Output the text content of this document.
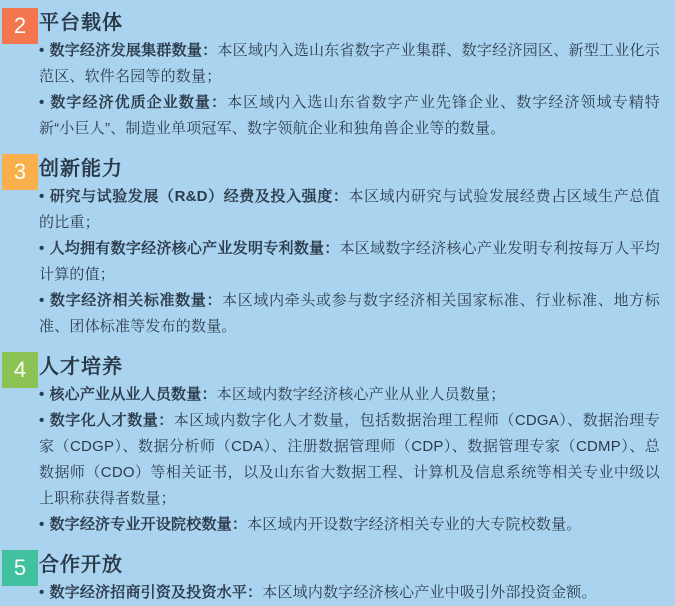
2 平台载体

• 数字经济发展集群数量：本区域内入选山东省数字产业集群、数字经济园区、新型工业化示范区、软件名园等的数量；

• 数字经济优质企业数量：本区域内入选山东省数字产业先锋企业、数字经济领域专精特新“小巨人”、制造业单项冠军、数字领航企业和独角兽企业等的数量。

3 创新能力

• 研究与试验发展（R&D）经费及投入强度：本区域内研究与试验发展经费占区域生产总值的比重；

• 人均拥有数字经济核心产业发明专利数量：本区域数字经济核心产业发明专利按每万人平均计算的值；

• 数字经济相关标准数量：本区域内牵头或参与数字经济相关国家标准、行业标准、地方标准、团体标准等发布的数量。

4 人才培养

• 核心产业从业人员数量：本区域内数字经济核心产业从业人员数量；

• 数字化人才数量：本区域内数字化人才数量，包括数据治理工程师（CDGA）、数据治理专家（CDGP）、数据分析师（CDA）、注册数据管理师（CDP）、数据管理专家（CDMP）、总数据师（CDO）等相关证书，以及山东省大数据工程、计算机及信息系统等相关专业中级以上职称获得者数量；

• 数字经济专业开设院校数量：本区域内开设数字经济相关专业的大专院校数量。

5 合作开放

• 数字经济招商引资及投资水平：本区域内数字经济核心产业中吸引外部投资金额。
